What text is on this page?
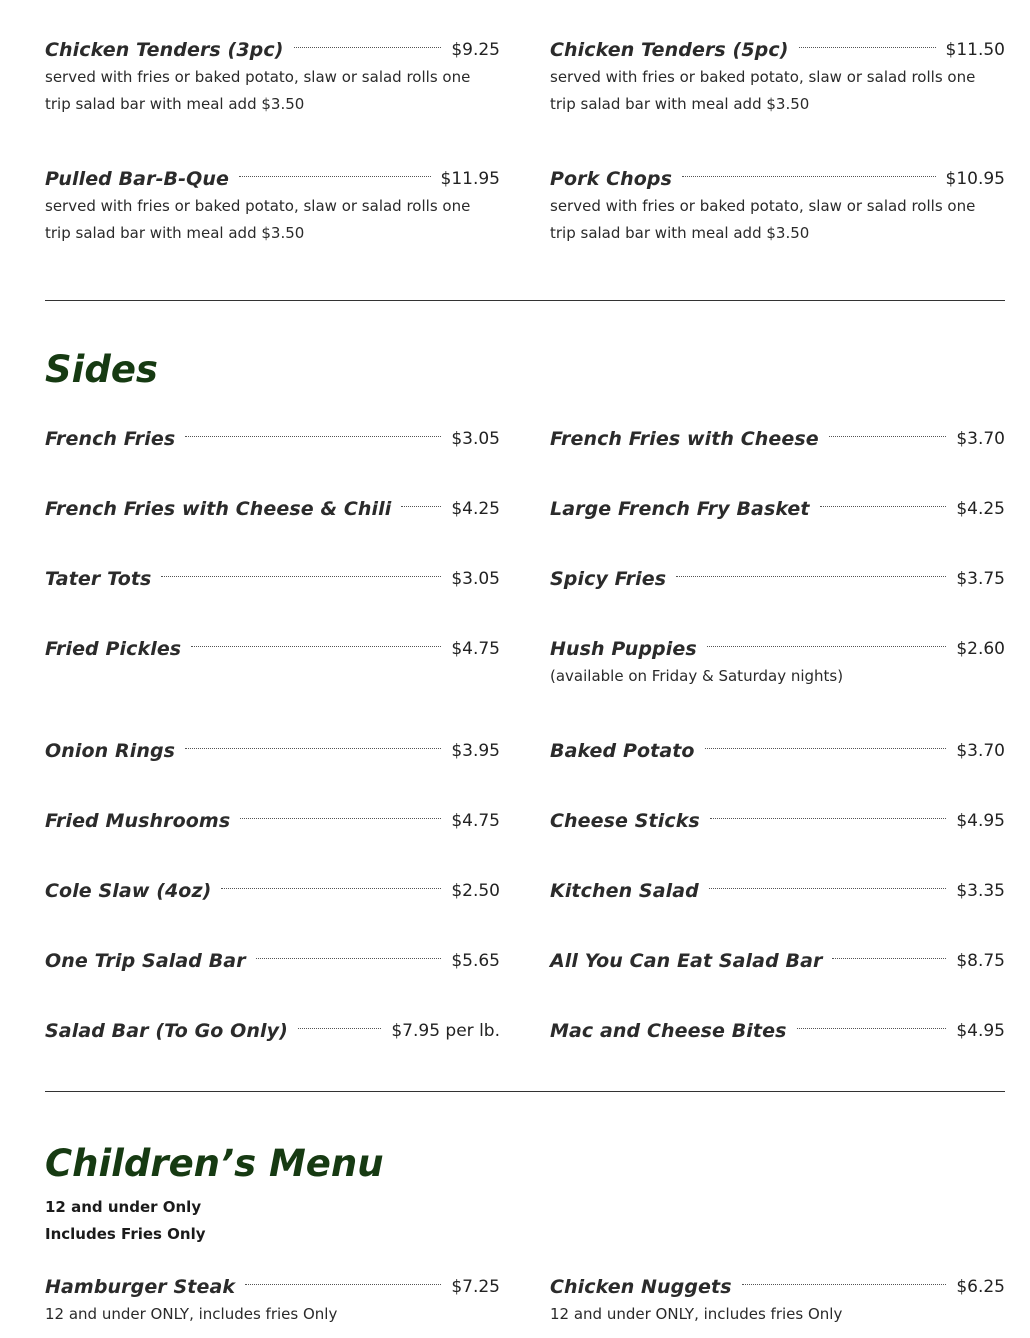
Chicken Tenders (3pc)	$9.25
served with fries or baked potato, slaw or salad rolls one trip salad bar with meal add $3.50
Chicken Tenders (5pc)	$11.50
served with fries or baked potato, slaw or salad rolls one trip salad bar with meal add $3.50
Pulled Bar-B-Que	$11.95
served with fries or baked potato, slaw or salad rolls one trip salad bar with meal add $3.50
Pork Chops	$10.95
served with fries or baked potato, slaw or salad rolls one trip salad bar with meal add $3.50
Sides
French Fries	$3.05	French Fries with Cheese	$3.70
French Fries with Cheese & Chili	$4.25	Large French Fry Basket	$4.25
Tater Tots	$3.05	Spicy Fries	$3.75
Fried Pickles	$4.75	Hush Puppies	$2.60
(available on Friday & Saturday nights)
Onion Rings	$3.95	Baked Potato	$3.70
Fried Mushrooms	$4.75	Cheese Sticks	$4.95
Cole Slaw (4oz)	$2.50	Kitchen Salad	$3.35
One Trip Salad Bar	$5.65	All You Can Eat Salad Bar	$8.75
Salad Bar (To Go Only)	$7.95 per lb.	Mac and Cheese Bites	$4.95
Children’s Menu
12 and under Only
Includes Fries Only
Hamburger Steak	$7.25
12 and under ONLY, includes fries Only
Chicken Nuggets	$6.25
12 and under ONLY, includes fries Only
